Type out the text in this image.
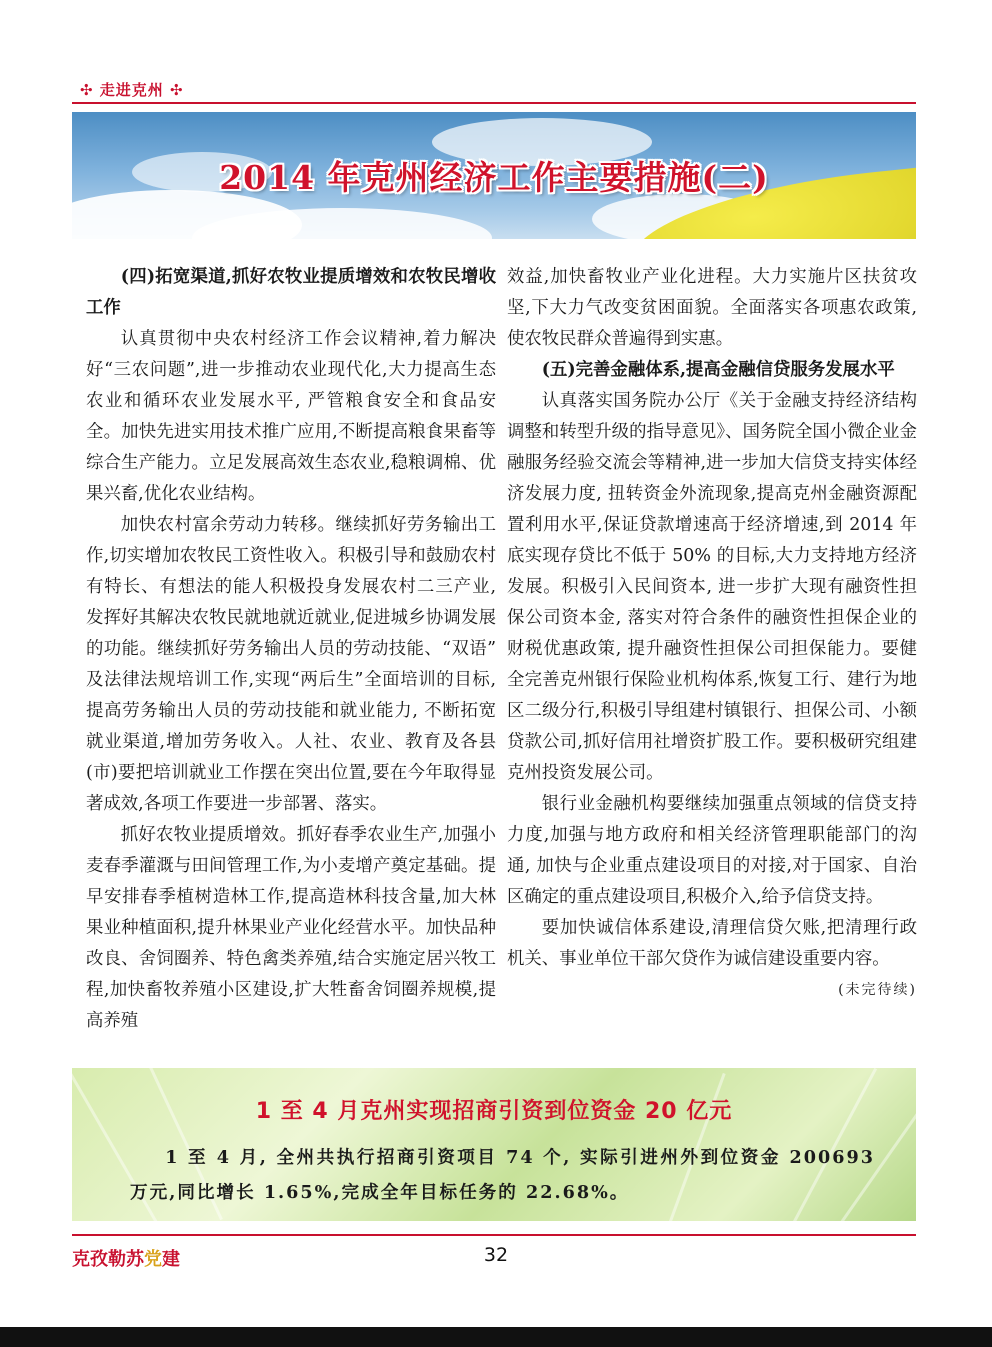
✣ 走进克州 ✣
2014 年克州经济工作主要措施(二)

(四)拓宽渠道,抓好农牧业提质增效和农牧民增收工作

认真贯彻中央农村经济工作会议精神,着力解决好“三农问题”,进一步推动农业现代化,大力提高生态农业和循环农业发展水平, 严管粮食安全和食品安全。加快先进实用技术推广应用,不断提高粮食果畜等综合生产能力。立足发展高效生态农业,稳粮调棉、优果兴畜,优化农业结构。

加快农村富余劳动力转移。继续抓好劳务输出工作,切实增加农牧民工资性收入。积极引导和鼓励农村有特长、有想法的能人积极投身发展农村二三产业, 发挥好其解决农牧民就地就近就业,促进城乡协调发展的功能。继续抓好劳务输出人员的劳动技能、“双语” 及法律法规培训工作,实现“两后生”全面培训的目标,提高劳务输出人员的劳动技能和就业能力, 不断拓宽就业渠道,增加劳务收入。人社、农业、教育及各县(市)要把培训就业工作摆在突出位置,要在今年取得显著成效,各项工作要进一步部署、落实。

抓好农牧业提质增效。抓好春季农业生产,加强小麦春季灌溉与田间管理工作,为小麦增产奠定基础。提早安排春季植树造林工作,提高造林科技含量,加大林果业种植面积,提升林果业产业化经营水平。加快品种改良、舍饲圈养、特色禽类养殖,结合实施定居兴牧工程,加快畜牧养殖小区建设,扩大牲畜舍饲圈养规模,提高养殖

效益,加快畜牧业产业化进程。大力实施片区扶贫攻坚,下大力气改变贫困面貌。全面落实各项惠农政策,使农牧民群众普遍得到实惠。

(五)完善金融体系,提高金融信贷服务发展水平

认真落实国务院办公厅《关于金融支持经济结构调整和转型升级的指导意见》、国务院全国小微企业金融服务经验交流会等精神,进一步加大信贷支持实体经济发展力度, 扭转资金外流现象,提高克州金融资源配置利用水平,保证贷款增速高于经济增速,到 2014 年底实现存贷比不低于 50% 的目标,大力支持地方经济发展。积极引入民间资本, 进一步扩大现有融资性担保公司资本金, 落实对符合条件的融资性担保企业的财税优惠政策, 提升融资性担保公司担保能力。要健全完善克州银行保险业机构体系,恢复工行、建行为地区二级分行,积极引导组建村镇银行、担保公司、小额贷款公司,抓好信用社增资扩股工作。要积极研究组建克州投资发展公司。

银行业金融机构要继续加强重点领域的信贷支持力度,加强与地方政府和相关经济管理职能部门的沟通, 加快与企业重点建设项目的对接,对于国家、自治区确定的重点建设项目,积极介入,给予信贷支持。

要加快诚信体系建设,清理信贷欠账,把清理行政机关、事业单位干部欠贷作为诚信建设重要内容。
(未完待续)

1 至 4 月克州实现招商引资到位资金 20 亿元
1 至 4 月, 全州共执行招商引资项目 74 个, 实际引进州外到位资金 200693 万元,同比增长 1.65%,完成全年目标任务的 22.68%。
克孜勒苏党建	32
